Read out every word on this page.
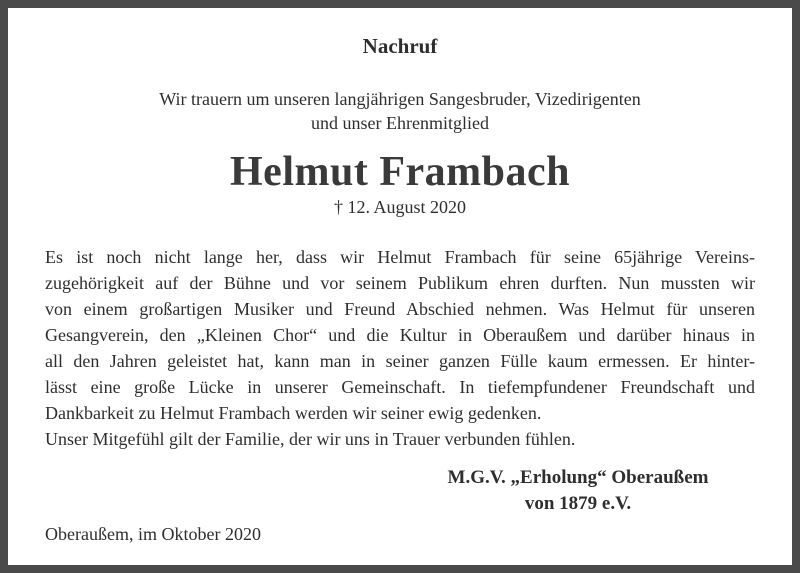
Nachruf
Wir trauern um unseren langjährigen Sangesbruder, Vizedirigenten
und unser Ehrenmitglied
Helmut Frambach
† 12. August 2020
Es ist noch nicht lange her, dass wir Helmut Frambach für seine 65jährige Vereins-
zugehörigkeit auf der Bühne und vor seinem Publikum ehren durften. Nun mussten wir
von einem großartigen Musiker und Freund Abschied nehmen. Was Helmut für unseren
Gesangverein, den „Kleinen Chor“ und die Kultur in Oberaußem und darüber hinaus in
all den Jahren geleistet hat, kann man in seiner ganzen Fülle kaum ermessen. Er hinter-
lässt eine große Lücke in unserer Gemeinschaft. In tiefempfundener Freundschaft und
Dankbarkeit zu Helmut Frambach werden wir seiner ewig gedenken.
Unser Mitgefühl gilt der Familie, der wir uns in Trauer verbunden fühlen.
M.G.V. „Erholung“ Oberaußem
von 1879 e.V.
Oberaußem, im Oktober 2020
